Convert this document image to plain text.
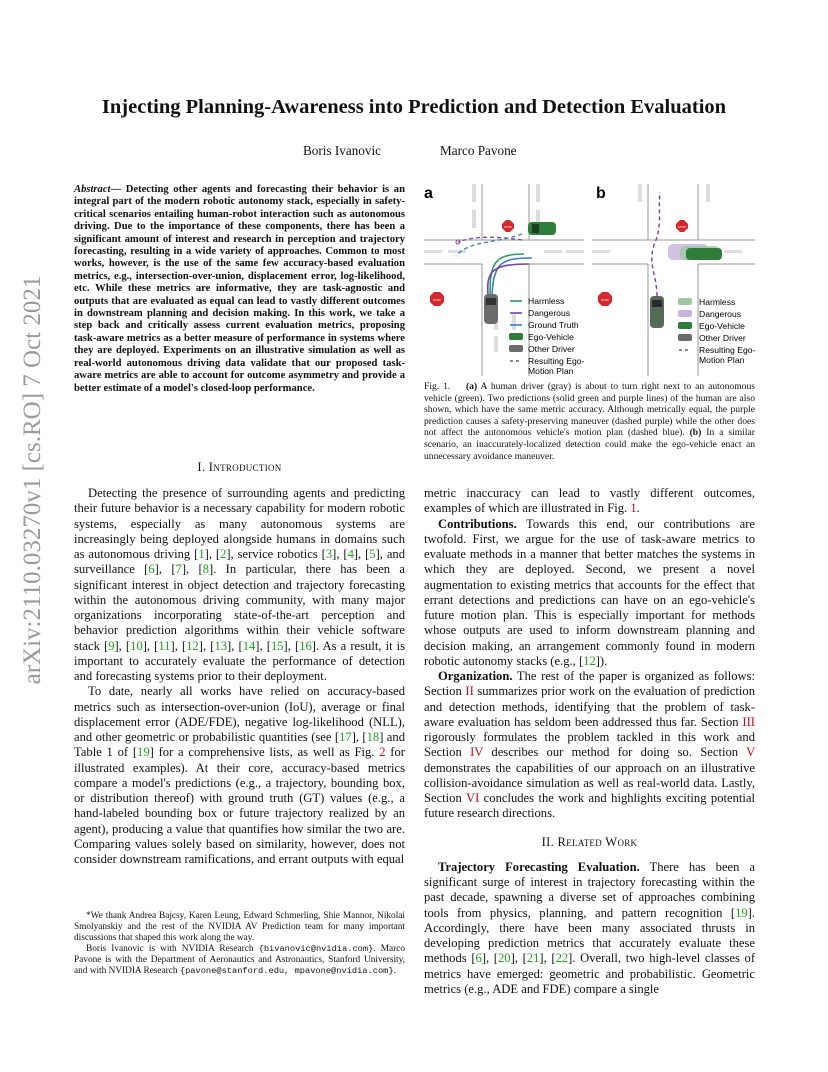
Injecting Planning-Awareness into Prediction and Detection Evaluation
Boris Ivanovic	Marco Pavone
arXiv:2110.03270v1 [cs.RO] 7 Oct 2021
Abstract— Detecting other agents and forecasting their behavior is an integral part of the modern robotic autonomy stack, especially in safety-critical scenarios entailing human-robot interaction such as autonomous driving. Due to the importance of these components, there has been a significant amount of interest and research in perception and trajectory forecasting, resulting in a wide variety of approaches. Common to most works, however, is the use of the same few accuracy-based evaluation metrics, e.g., intersection-over-union, displacement error, log-likelihood, etc. While these metrics are informative, they are task-agnostic and outputs that are evaluated as equal can lead to vastly different outcomes in downstream planning and decision making. In this work, we take a step back and critically assess current evaluation metrics, proposing task-aware metrics as a better measure of performance in systems where they are deployed. Experiments on an illustrative simulation as well as real-world autonomous driving data validate that our proposed task-aware metrics are able to account for outcome asymmetry and provide a better estimate of a model's closed-loop performance.
I. Introduction

Detecting the presence of surrounding agents and predicting their future behavior is a necessary capability for modern robotic systems, especially as many autonomous systems are increasingly being deployed alongside humans in domains such as autonomous driving [1], [2], service robotics [3], [4], [5], and surveillance [6], [7], [8]. In particular, there has been a significant interest in object detection and trajectory forecasting within the autonomous driving community, with many major organizations incorporating state-of-the-art perception and behavior prediction algorithms within their vehicle software stack [9], [10], [11], [12], [13], [14], [15], [16]. As a result, it is important to accurately evaluate the performance of detection and forecasting systems prior to their deployment.

To date, nearly all works have relied on accuracy-based metrics such as intersection-over-union (IoU), average or final displacement error (ADE/FDE), negative log-likelihood (NLL), and other geometric or probabilistic quantities (see [17], [18] and Table 1 of [19] for a comprehensive lists, as well as Fig. 2 for illustrated examples). At their core, accuracy-based metrics compare a model's predictions (e.g., a trajectory, bounding box, or distribution thereof) with ground truth (GT) values (e.g., a hand-labeled bounding box or future trajectory realized by an agent), producing a value that quantifies how similar the two are. Comparing values solely based on similarity, however, does not consider downstream ramifications, and errant outputs with equal

*We thank Andrea Bajcsy, Karen Leung, Edward Schmerling, Shie Mannor, Nikolai Smolyanskiy and the rest of the NVIDIA AV Prediction team for many important discussions that shaped this work along the way.
Boris Ivanovic is with NVIDIA Research {bivanovic@nvidia.com}. Marco Pavone is with the Department of Aeronautics and Astronautics, Stanford University, and with NVIDIA Research {pavone@stanford.edu, mpavone@nvidia.com}.
a
STOP
STOP	Harmless
Dangerous
Ground Truth
Ego-Vehicle
Other Driver
Resulting Ego-
Motion Plan
b
STOP
STOP	Harmless
Dangerous
Ego-Vehicle
Other Driver
Resulting Ego-
Motion Plan
Fig. 1. (a) A human driver (gray) is about to turn right next to an autonomous vehicle (green). Two predictions (solid green and purple lines) of the human are also shown, which have the same metric accuracy. Although metrically equal, the purple prediction causes a safety-preserving maneuver (dashed purple) while the other does not affect the autonomous vehicle's motion plan (dashed blue). (b) In a similar scenario, an inaccurately-localized detection could make the ego-vehicle enact an unnecessary avoidance maneuver.

metric inaccuracy can lead to vastly different outcomes, examples of which are illustrated in Fig. 1.

Contributions. Towards this end, our contributions are twofold. First, we argue for the use of task-aware metrics to evaluate methods in a manner that better matches the systems in which they are deployed. Second, we present a novel augmentation to existing metrics that accounts for the effect that errant detections and predictions can have on an ego-vehicle's future motion plan. This is especially important for methods whose outputs are used to inform downstream planning and decision making, an arrangement commonly found in modern robotic autonomy stacks (e.g., [12]).

Organization. The rest of the paper is organized as follows: Section II summarizes prior work on the evaluation of prediction and detection methods, identifying that the problem of task-aware evaluation has seldom been addressed thus far. Section III rigorously formulates the problem tackled in this work and Section IV describes our method for doing so. Section V demonstrates the capabilities of our approach on an illustrative collision-avoidance simulation as well as real-world data. Lastly, Section VI concludes the work and highlights exciting potential future research directions.

II. Related Work

Trajectory Forecasting Evaluation. There has been a significant surge of interest in trajectory forecasting within the past decade, spawning a diverse set of approaches combining tools from physics, planning, and pattern recognition [19]. Accordingly, there have been many associated thrusts in developing prediction metrics that accurately evaluate these methods [6], [20], [21], [22]. Overall, two high-level classes of metrics have emerged: geometric and probabilistic. Geometric metrics (e.g., ADE and FDE) compare a single
